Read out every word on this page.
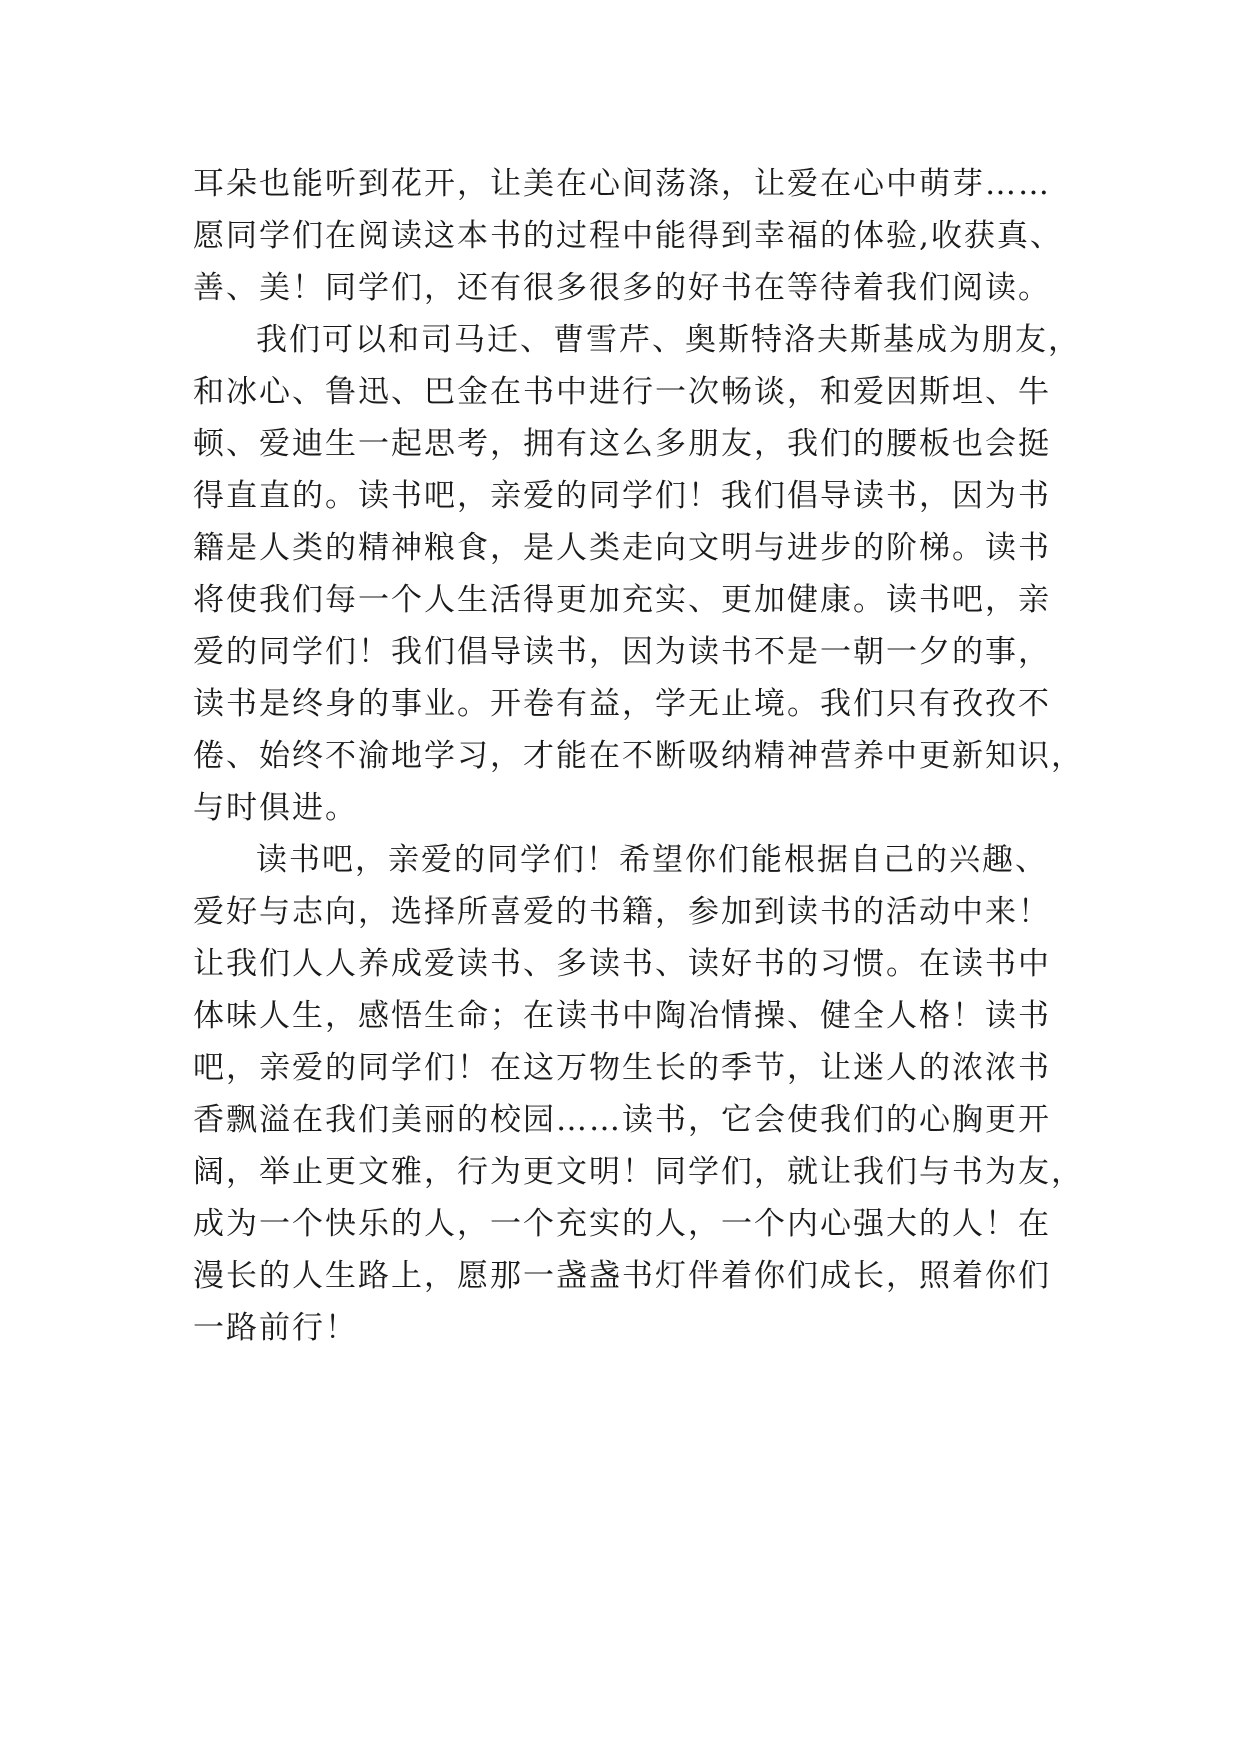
耳朵也能听到花开，让美在心间荡涤，让爱在心中萌芽……
愿同学们在阅读这本书的过程中能得到幸福的体验,收获真、
善、美！同学们，还有很多很多的好书在等待着我们阅读。
我们可以和司马迁、曹雪芹、奥斯特洛夫斯基成为朋友，
和冰心、鲁迅、巴金在书中进行一次畅谈，和爱因斯坦、牛
顿、爱迪生一起思考，拥有这么多朋友，我们的腰板也会挺
得直直的。读书吧，亲爱的同学们！我们倡导读书，因为书
籍是人类的精神粮食，是人类走向文明与进步的阶梯。读书
将使我们每一个人生活得更加充实、更加健康。读书吧，亲
爱的同学们！我们倡导读书，因为读书不是一朝一夕的事，
读书是终身的事业。开卷有益，学无止境。我们只有孜孜不
倦、始终不渝地学习，才能在不断吸纳精神营养中更新知识，
与时俱进。
读书吧，亲爱的同学们！希望你们能根据自己的兴趣、
爱好与志向，选择所喜爱的书籍，参加到读书的活动中来！
让我们人人养成爱读书、多读书、读好书的习惯。在读书中
体味人生，感悟生命；在读书中陶冶情操、健全人格！读书
吧，亲爱的同学们！在这万物生长的季节，让迷人的浓浓书
香飘溢在我们美丽的校园……读书，它会使我们的心胸更开
阔，举止更文雅，行为更文明！同学们，就让我们与书为友，
成为一个快乐的人，一个充实的人，一个内心强大的人！在
漫长的人生路上，愿那一盏盏书灯伴着你们成长，照着你们
一路前行！
